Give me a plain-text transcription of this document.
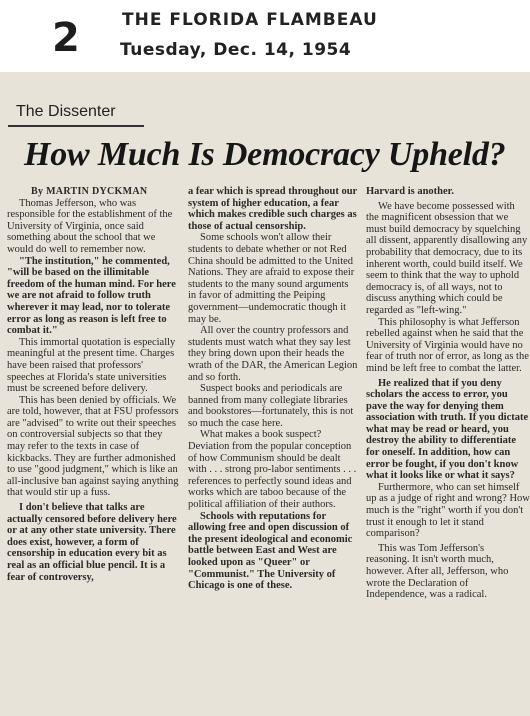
2 THE FLORIDA FLAMBEAU
Tuesday, Dec. 14, 1954
The Dissenter
How Much Is Democracy Upheld?

By MARTIN DYCKMAN

Thomas Jefferson, who was responsible for the establishment of the University of Virginia, once said something about the school that we would do well to remember now.

"The institution," he commented, "will be based on the illimitable freedom of the human mind. For here we are not afraid to follow truth wherever it may lead, nor to tolerate error as long as reason is left free to combat it."

This immortal quotation is especially meaningful at the present time. Charges have been raised that professors' speeches at Florida's state universities must be screened before delivery.

This has been denied by officials. We are told, however, that at FSU professors are "advised" to write out their speeches on controversial subjects so that they may refer to the texts in case of kickbacks. They are further admonished to use "good judgment," which is like an all-inclusive ban against saying anything that would stir up a fuss.

I don't believe that talks are actually censored before delivery here or at any other state university. There does exist, however, a form of censorship in education every bit as real as an official blue pencil. It is a fear of controversy,

a fear which is spread throughout our system of higher education, a fear which makes credible such charges as those of actual censorship.

Some schools won't allow their students to debate whether or not Red China should be admitted to the United Nations. They are afraid to expose their students to the many sound arguments in favor of admitting the Peiping government—undemocratic though it may be.

All over the country professors and students must watch what they say lest they bring down upon their heads the wrath of the DAR, the American Legion and so forth.

Suspect books and periodicals are banned from many collegiate libraries and bookstores—fortunately, this is not so much the case here.

What makes a book suspect? Deviation from the popular conception of how Communism should be dealt with . . . strong pro-labor sentiments . . . references to perfectly sound ideas and works which are taboo because of the political affiliation of their authors.

Schools with reputations for allowing free and open discussion of the present ideological and economic battle between East and West are looked upon as "Queer" or "Communist." The University of Chicago is one of these.

Harvard is another.

We have become possessed with the magnificent obsession that we must build democracy by squelching all dissent, apparently disallowing any probability that democracy, due to its inherent worth, could build itself. We seem to think that the way to uphold democracy is, of all ways, not to discuss anything which could be regarded as "left-wing."

This philosophy is what Jefferson rebelled against when he said that the University of Virginia would have no fear of truth nor of error, as long as the mind be left free to combat the latter.

He realized that if you deny scholars the access to error, you pave the way for denying them association with truth. If you dictate what may be read or heard, you destroy the ability to differentiate for oneself. In addition, how can error be fought, if you don't know what it looks like or what it says?

Furthermore, who can set himself up as a judge of right and wrong? How much is the "right" worth if you don't trust it enough to let it stand comparison?

This was Tom Jefferson's reasoning. It isn't worth much, however. After all, Jefferson, who wrote the Declaration of Independence, was a radical.
